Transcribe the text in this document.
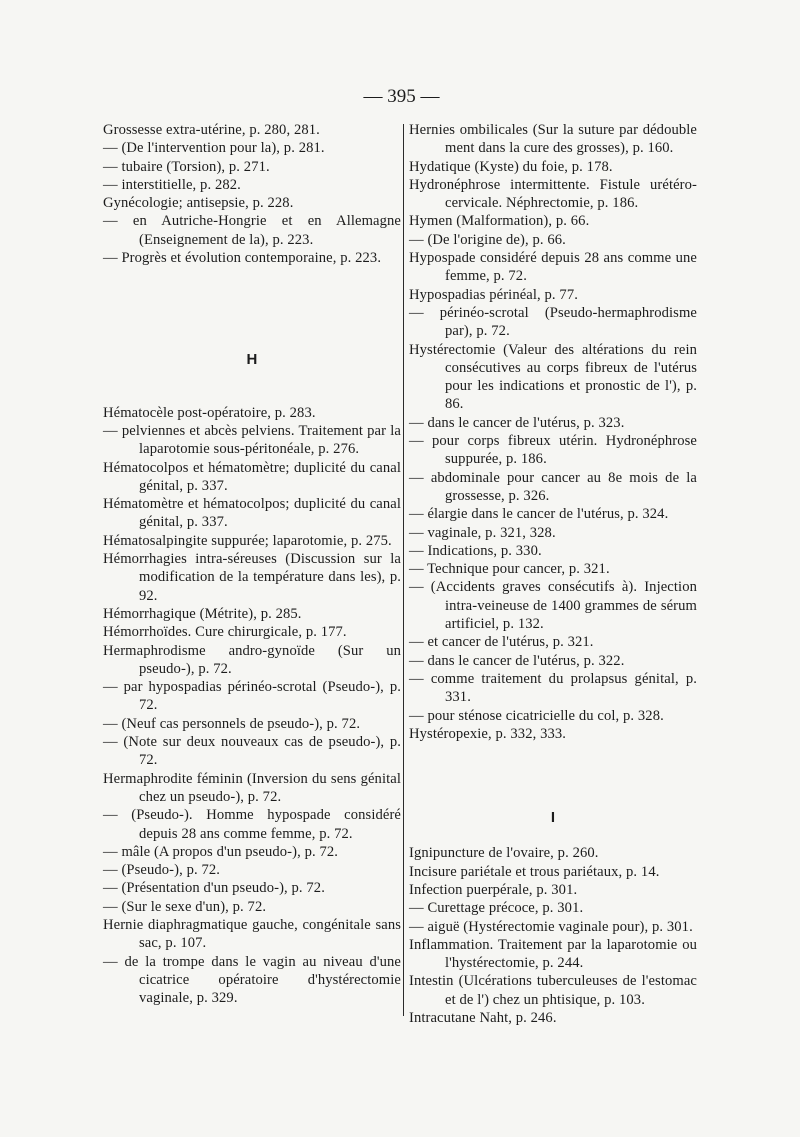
— 395 —

Grossesse extra-utérine, p. 280, 281.

— (De l'intervention pour la), p. 281.

— tubaire (Torsion), p. 271.

— interstitielle, p. 282.

Gynécologie; antisepsie, p. 228.

— en Autriche-Hongrie et en Allemagne (Enseignement de la), p. 223.

— Progrès et évolution contemporaine, p. 223.

H

Hématocèle post-opératoire, p. 283.

— pelviennes et abcès pelviens. Traitement par la laparotomie sous-péritonéale, p. 276.

Hématocolpos et hématomètre; duplicité du canal génital, p. 337.

Hématomètre et hématocolpos; duplicité du canal génital, p. 337.

Hématosalpingite suppurée; laparotomie, p. 275.

Hémorrhagies intra-séreuses (Discussion sur la modification de la température dans les), p. 92.

Hémorrhagique (Métrite), p. 285.

Hémorrhoïdes. Cure chirurgicale, p. 177.

Hermaphrodisme andro-gynoïde (Sur un pseudo-), p. 72.

— par hypospadias périnéo-scrotal (Pseudo-), p. 72.

— (Neuf cas personnels de pseudo-), p. 72.

— (Note sur deux nouveaux cas de pseudo-), p. 72.

Hermaphrodite féminin (Inversion du sens génital chez un pseudo-), p. 72.

— (Pseudo-). Homme hypospade considéré depuis 28 ans comme femme, p. 72.

— mâle (A propos d'un pseudo-), p. 72.

— (Pseudo-), p. 72.

— (Présentation d'un pseudo-), p. 72.

— (Sur le sexe d'un), p. 72.

Hernie diaphragmatique gauche, congénitale sans sac, p. 107.

— de la trompe dans le vagin au niveau d'une cicatrice opératoire d'hystérectomie vaginale, p. 329.

Hernies ombilicales (Sur la suture par dédouble ment dans la cure des grosses), p. 160.

Hydatique (Kyste) du foie, p. 178.

Hydronéphrose intermittente. Fistule urétéro-cervicale. Néphrectomie, p. 186.

Hymen (Malformation), p. 66.

— (De l'origine de), p. 66.

Hypospade considéré depuis 28 ans comme une femme, p. 72.

Hypospadias périnéal, p. 77.

— périnéo-scrotal (Pseudo-hermaphrodisme par), p. 72.

Hystérectomie (Valeur des altérations du rein consécutives au corps fibreux de l'utérus pour les indications et pronostic de l'), p. 86.

— dans le cancer de l'utérus, p. 323.

— pour corps fibreux utérin. Hydronéphrose suppurée, p. 186.

— abdominale pour cancer au 8e mois de la grossesse, p. 326.

— élargie dans le cancer de l'utérus, p. 324.

— vaginale, p. 321, 328.

— Indications, p. 330.

— Technique pour cancer, p. 321.

— (Accidents graves consécutifs à). Injection intra-veineuse de 1400 grammes de sérum artificiel, p. 132.

— et cancer de l'utérus, p. 321.

— dans le cancer de l'utérus, p. 322.

— comme traitement du prolapsus génital, p. 331.

— pour sténose cicatricielle du col, p. 328.

Hystéropexie, p. 332, 333.

I

Ignipuncture de l'ovaire, p. 260.

Incisure pariétale et trous pariétaux, p. 14.

Infection puerpérale, p. 301.

— Curettage précoce, p. 301.

— aiguë (Hystérectomie vaginale pour), p. 301.

Inflammation. Traitement par la laparotomie ou l'hystérectomie, p. 244.

Intestin (Ulcérations tuberculeuses de l'estomac et de l') chez un phtisique, p. 103.

Intracutane Naht, p. 246.
